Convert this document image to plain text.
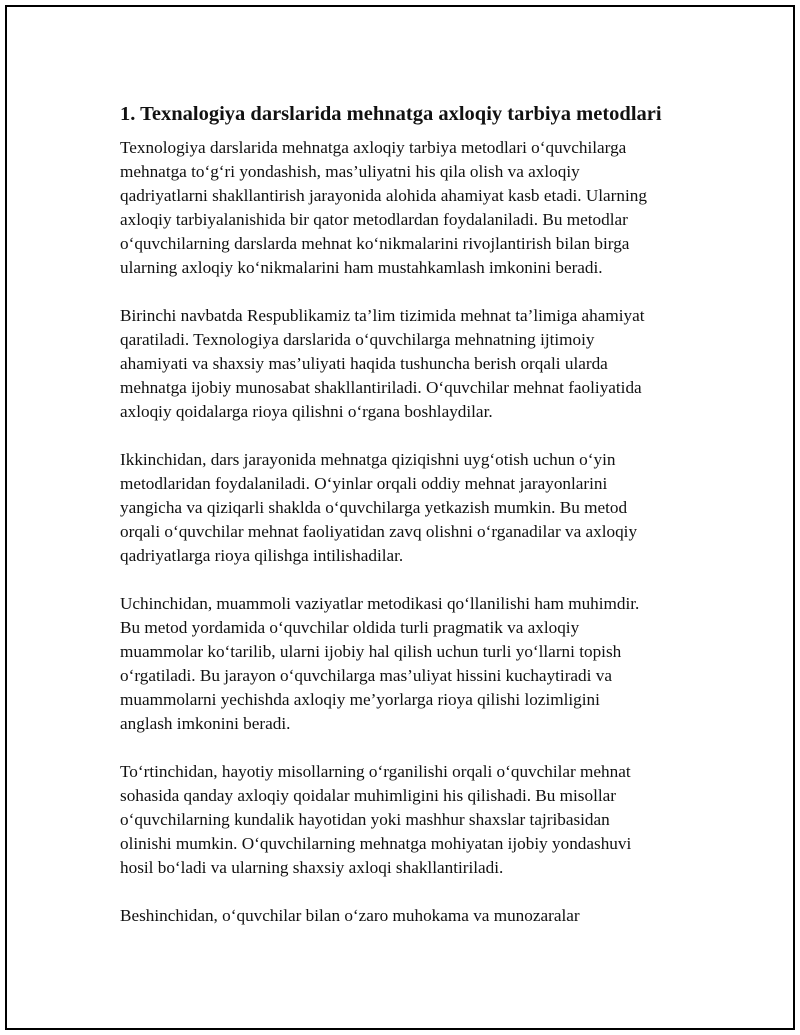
1. Texnalogiya darslarida mehnatga axloqiy tarbiya metodlari

Texnologiya darslarida mehnatga axloqiy tarbiya metodlari o‘quvchilarga
mehnatga to‘g‘ri yondashish, mas’uliyatni his qila olish va axloqiy
qadriyatlarni shakllantirish jarayonida alohida ahamiyat kasb etadi. Ularning
axloqiy tarbiyalanishida bir qator metodlardan foydalaniladi. Bu metodlar
o‘quvchilarning darslarda mehnat ko‘nikmalarini rivojlantirish bilan birga
ularning axloqiy ko‘nikmalarini ham mustahkamlash imkonini beradi.

Birinchi navbatda Respublikamiz ta’lim tizimida mehnat ta’limiga ahamiyat
qaratiladi. Texnologiya darslarida o‘quvchilarga mehnatning ijtimoiy
ahamiyati va shaxsiy mas’uliyati haqida tushuncha berish orqali ularda
mehnatga ijobiy munosabat shakllantiriladi. O‘quvchilar mehnat faoliyatida
axloqiy qoidalarga rioya qilishni o‘rgana boshlaydilar.

Ikkinchidan, dars jarayonida mehnatga qiziqishni uyg‘otish uchun o‘yin
metodlaridan foydalaniladi. O‘yinlar orqali oddiy mehnat jarayonlarini
yangicha va qiziqarli shaklda o‘quvchilarga yetkazish mumkin. Bu metod
orqali o‘quvchilar mehnat faoliyatidan zavq olishni o‘rganadilar va axloqiy
qadriyatlarga rioya qilishga intilishadilar.

Uchinchidan, muammoli vaziyatlar metodikasi qo‘llanilishi ham muhimdir.
Bu metod yordamida o‘quvchilar oldida turli pragmatik va axloqiy
muammolar ko‘tarilib, ularni ijobiy hal qilish uchun turli yo‘llarni topish
o‘rgatiladi. Bu jarayon o‘quvchilarga mas’uliyat hissini kuchaytiradi va
muammolarni yechishda axloqiy me’yorlarga rioya qilishi lozimligini
anglash imkonini beradi.

To‘rtinchidan, hayotiy misollarning o‘rganilishi orqali o‘quvchilar mehnat
sohasida qanday axloqiy qoidalar muhimligini his qilishadi. Bu misollar
o‘quvchilarning kundalik hayotidan yoki mashhur shaxslar tajribasidan
olinishi mumkin. O‘quvchilarning mehnatga mohiyatan ijobiy yondashuvi
hosil bo‘ladi va ularning shaxsiy axloqi shakllantiriladi.

Beshinchidan, o‘quvchilar bilan o‘zaro muhokama va munozaralar
